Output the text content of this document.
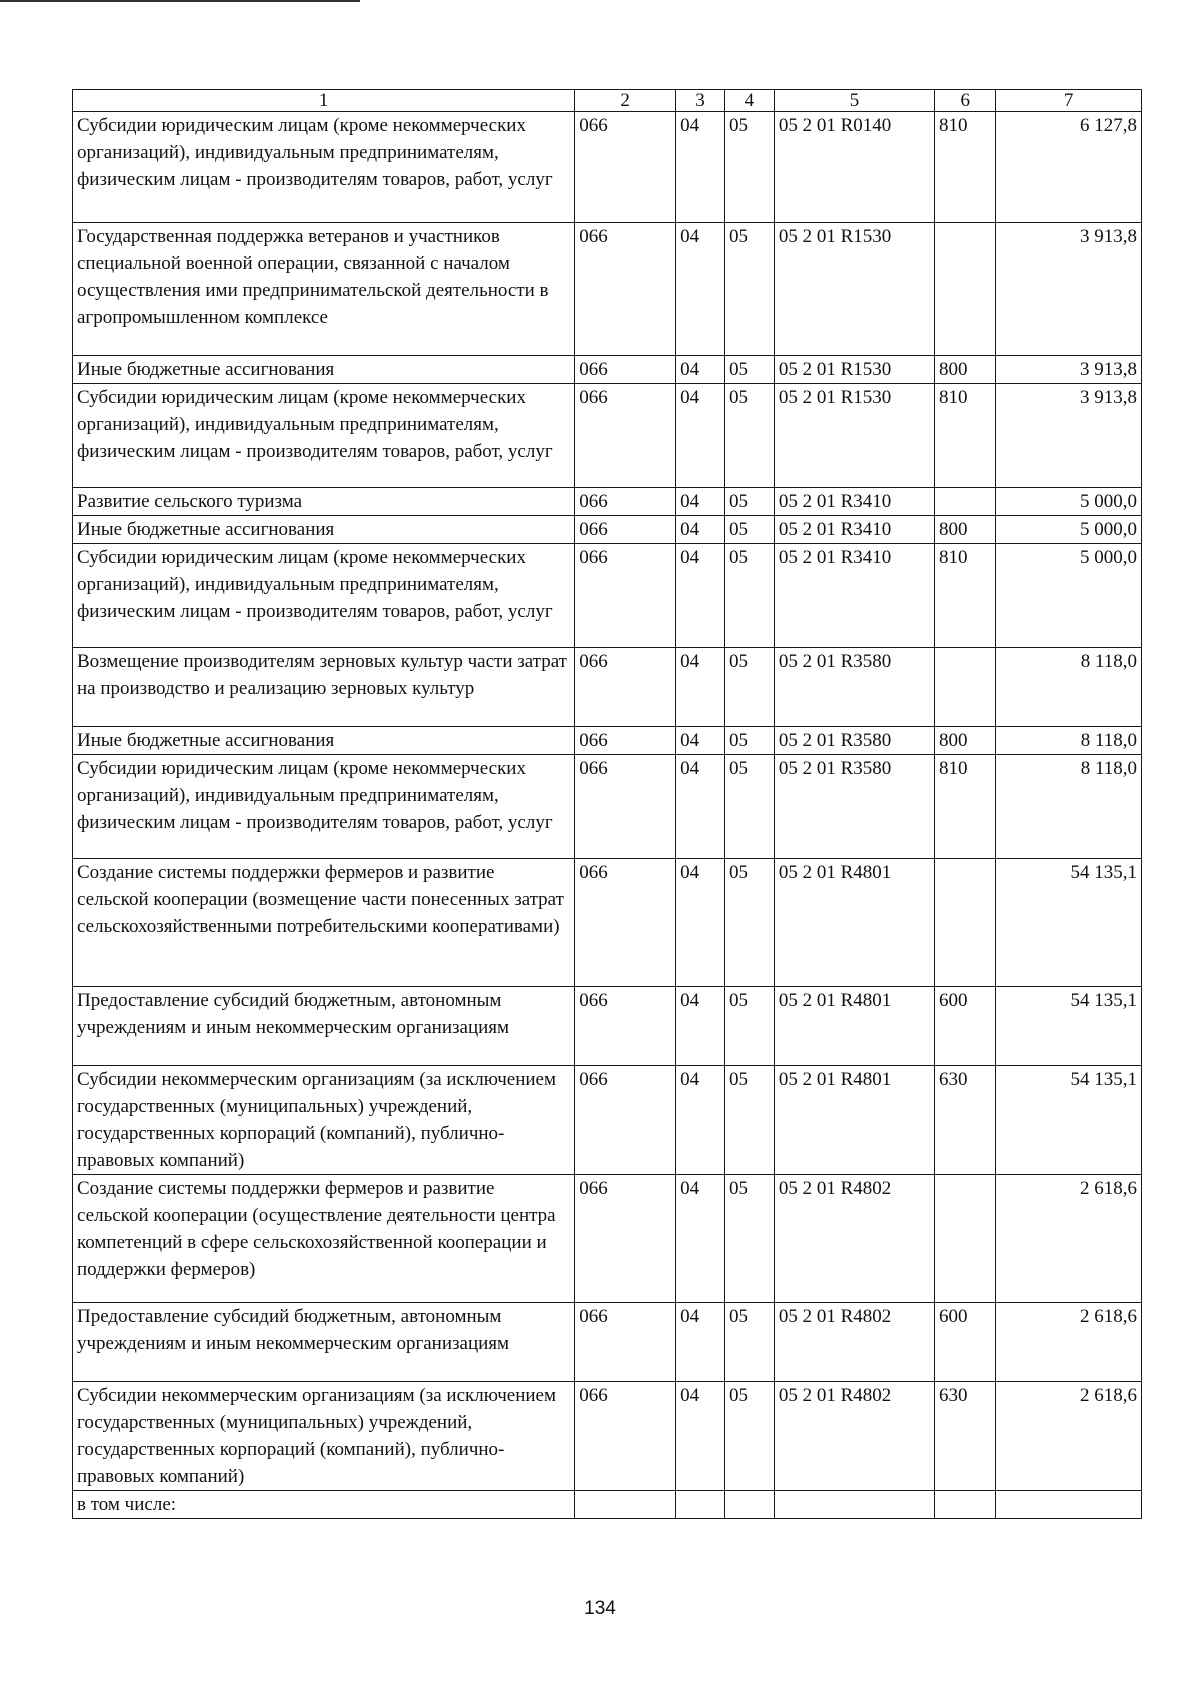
1	2	3	4	5	6	7
Субсидии юридическим лицам (кроме некоммерческих организаций), индивидуальным предпринимателям, физическим лицам - производителям товаров, работ, услуг	066	04	05	05 2 01 R0140	810	6 127,8
Государственная поддержка ветеранов и участников специальной военной операции, связанной с началом осуществления ими предпринимательской деятельности в агропромышленном комплексе	066	04	05	05 2 01 R1530		3 913,8
Иные бюджетные ассигнования	066	04	05	05 2 01 R1530	800	3 913,8
Субсидии юридическим лицам (кроме некоммерческих организаций), индивидуальным предпринимателям, физическим лицам - производителям товаров, работ, услуг	066	04	05	05 2 01 R1530	810	3 913,8
Развитие сельского туризма	066	04	05	05 2 01 R3410		5 000,0
Иные бюджетные ассигнования	066	04	05	05 2 01 R3410	800	5 000,0
Субсидии юридическим лицам (кроме некоммерческих организаций), индивидуальным предпринимателям, физическим лицам - производителям товаров, работ, услуг	066	04	05	05 2 01 R3410	810	5 000,0
Возмещение производителям зерновых культур части затрат на производство и реализацию зерновых культур	066	04	05	05 2 01 R3580		8 118,0
Иные бюджетные ассигнования	066	04	05	05 2 01 R3580	800	8 118,0
Субсидии юридическим лицам (кроме некоммерческих организаций), индивидуальным предпринимателям, физическим лицам - производителям товаров, работ, услуг	066	04	05	05 2 01 R3580	810	8 118,0
Создание системы поддержки фермеров и развитие сельской кооперации (возмещение части понесенных затрат сельскохозяйственными потребительскими кооперативами)	066	04	05	05 2 01 R4801		54 135,1
Предоставление субсидий бюджетным, автономным учреждениям и иным некоммерческим организациям	066	04	05	05 2 01 R4801	600	54 135,1
Субсидии некоммерческим организациям (за исключением государственных (муниципальных) учреждений, государственных корпораций (компаний), публично-правовых компаний)	066	04	05	05 2 01 R4801	630	54 135,1
Создание системы поддержки фермеров и развитие сельской кооперации (осуществление деятельности центра компетенций в сфере сельскохозяйственной кооперации и поддержки фермеров)	066	04	05	05 2 01 R4802		2 618,6
Предоставление субсидий бюджетным, автономным учреждениям и иным некоммерческим организациям	066	04	05	05 2 01 R4802	600	2 618,6
Субсидии некоммерческим организациям (за исключением государственных (муниципальных) учреждений, государственных корпораций (компаний), публично-правовых компаний)	066	04	05	05 2 01 R4802	630	2 618,6
в том числе:						
134
